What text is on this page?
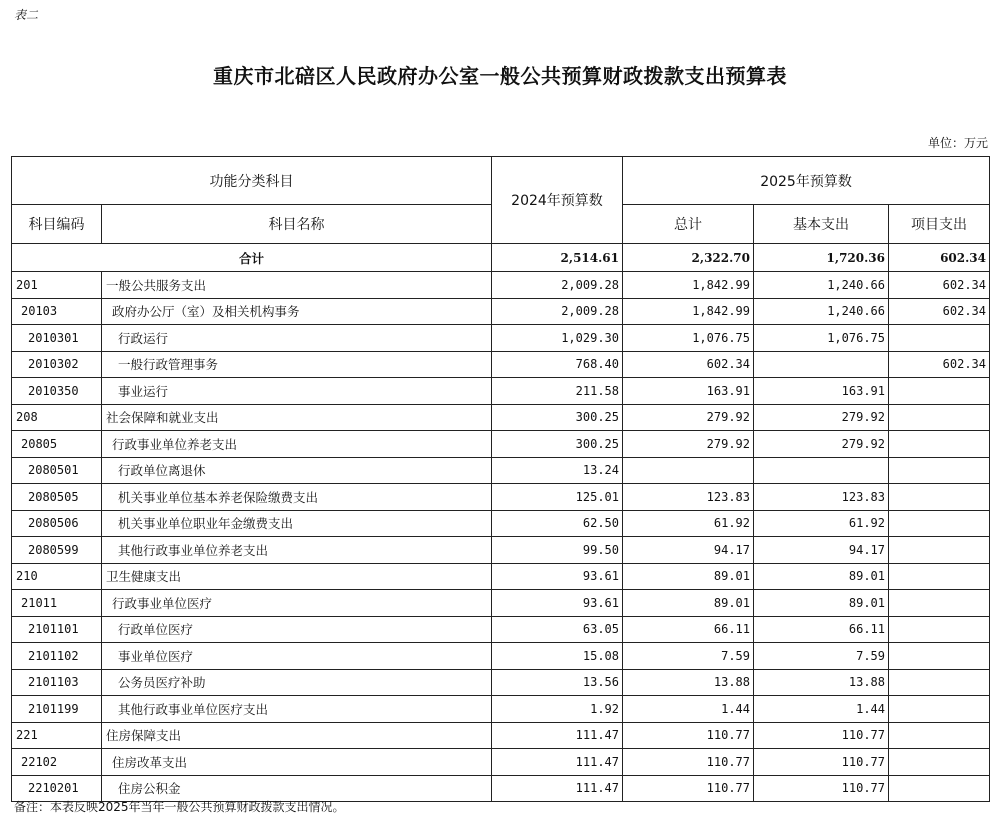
表二
重庆市北碚区人民政府办公室一般公共预算财政拨款支出预算表
单位：万元
功能分类科目		2024年预算数	2025年预算数		
科目编码	科目名称		总计	基本支出	项目支出
合计		2,514.61	2,322.70	1,720.36	602.34
201	一般公共服务支出	2,009.28	1,842.99	1,240.66	602.34
20103	政府办公厅（室）及相关机构事务	2,009.28	1,842.99	1,240.66	602.34
2010301	行政运行	1,029.30	1,076.75	1,076.75	
2010302	一般行政管理事务	768.40	602.34		602.34
2010350	事业运行	211.58	163.91	163.91	
208	社会保障和就业支出	300.25	279.92	279.92	
20805	行政事业单位养老支出	300.25	279.92	279.92	
2080501	行政单位离退休	13.24			
2080505	机关事业单位基本养老保险缴费支出	125.01	123.83	123.83	
2080506	机关事业单位职业年金缴费支出	62.50	61.92	61.92	
2080599	其他行政事业单位养老支出	99.50	94.17	94.17	
210	卫生健康支出	93.61	89.01	89.01	
21011	行政事业单位医疗	93.61	89.01	89.01	
2101101	行政单位医疗	63.05	66.11	66.11	
2101102	事业单位医疗	15.08	7.59	7.59	
2101103	公务员医疗补助	13.56	13.88	13.88	
2101199	其他行政事业单位医疗支出	1.92	1.44	1.44	
221	住房保障支出	111.47	110.77	110.77	
22102	住房改革支出	111.47	110.77	110.77	
2210201	住房公积金	111.47	110.77	110.77	
备注：本表反映2025年当年一般公共预算财政拨款支出情况。
